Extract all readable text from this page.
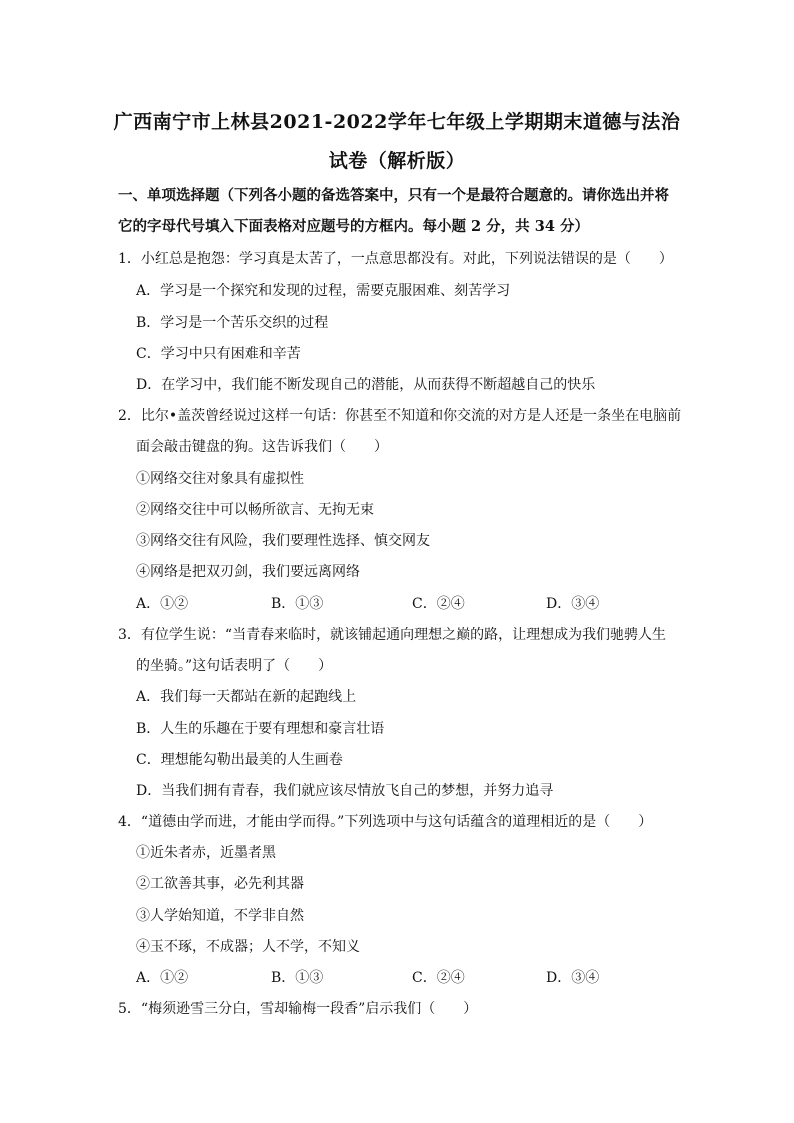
广西南宁市上林县2021-2022学年七年级上学期期末道德与法治
试卷（解析版）
一、单项选择题（下列各小题的备选答案中，只有一个是最符合题意的。请你选出并将它的字母代号填入下面表格对应题号的方框内。每小题 2 分，共 34 分）
1．小红总是抱怨：学习真是太苦了，一点意思都没有。对此，下列说法错误的是（　　）
A．学习是一个探究和发现的过程，需要克服困难、刻苦学习
B．学习是一个苦乐交织的过程
C．学习中只有困难和辛苦
D．在学习中，我们能不断发现自己的潜能，从而获得不断超越自己的快乐
2．比尔•盖茨曾经说过这样一句话：你甚至不知道和你交流的对方是人还是一条坐在电脑前
面会敲击键盘的狗。这告诉我们（　　）
①网络交往对象具有虚拟性
②网络交往中可以畅所欲言、无拘无束
③网络交往有风险，我们要理性选择、慎交网友
④网络是把双刃剑，我们要远离网络
A．①②	B．①③	C．②④	D．③④
3．有位学生说：“当青春来临时，就该铺起通向理想之巅的路，让理想成为我们驰骋人生
的坐骑。”这句话表明了（　　）
A．我们每一天都站在新的起跑线上
B．人生的乐趣在于要有理想和豪言壮语
C．理想能勾勒出最美的人生画卷
D．当我们拥有青春，我们就应该尽情放飞自己的梦想，并努力追寻
4．“道德由学而进，才能由学而得。”下列选项中与这句话蕴含的道理相近的是（　　）
①近朱者赤，近墨者黑
②工欲善其事，必先利其器
③人学始知道，不学非自然
④玉不琢，不成器；人不学，不知义
A．①②	B．①③	C．②④	D．③④
5．“梅须逊雪三分白，雪却输梅一段香”启示我们（　　）
